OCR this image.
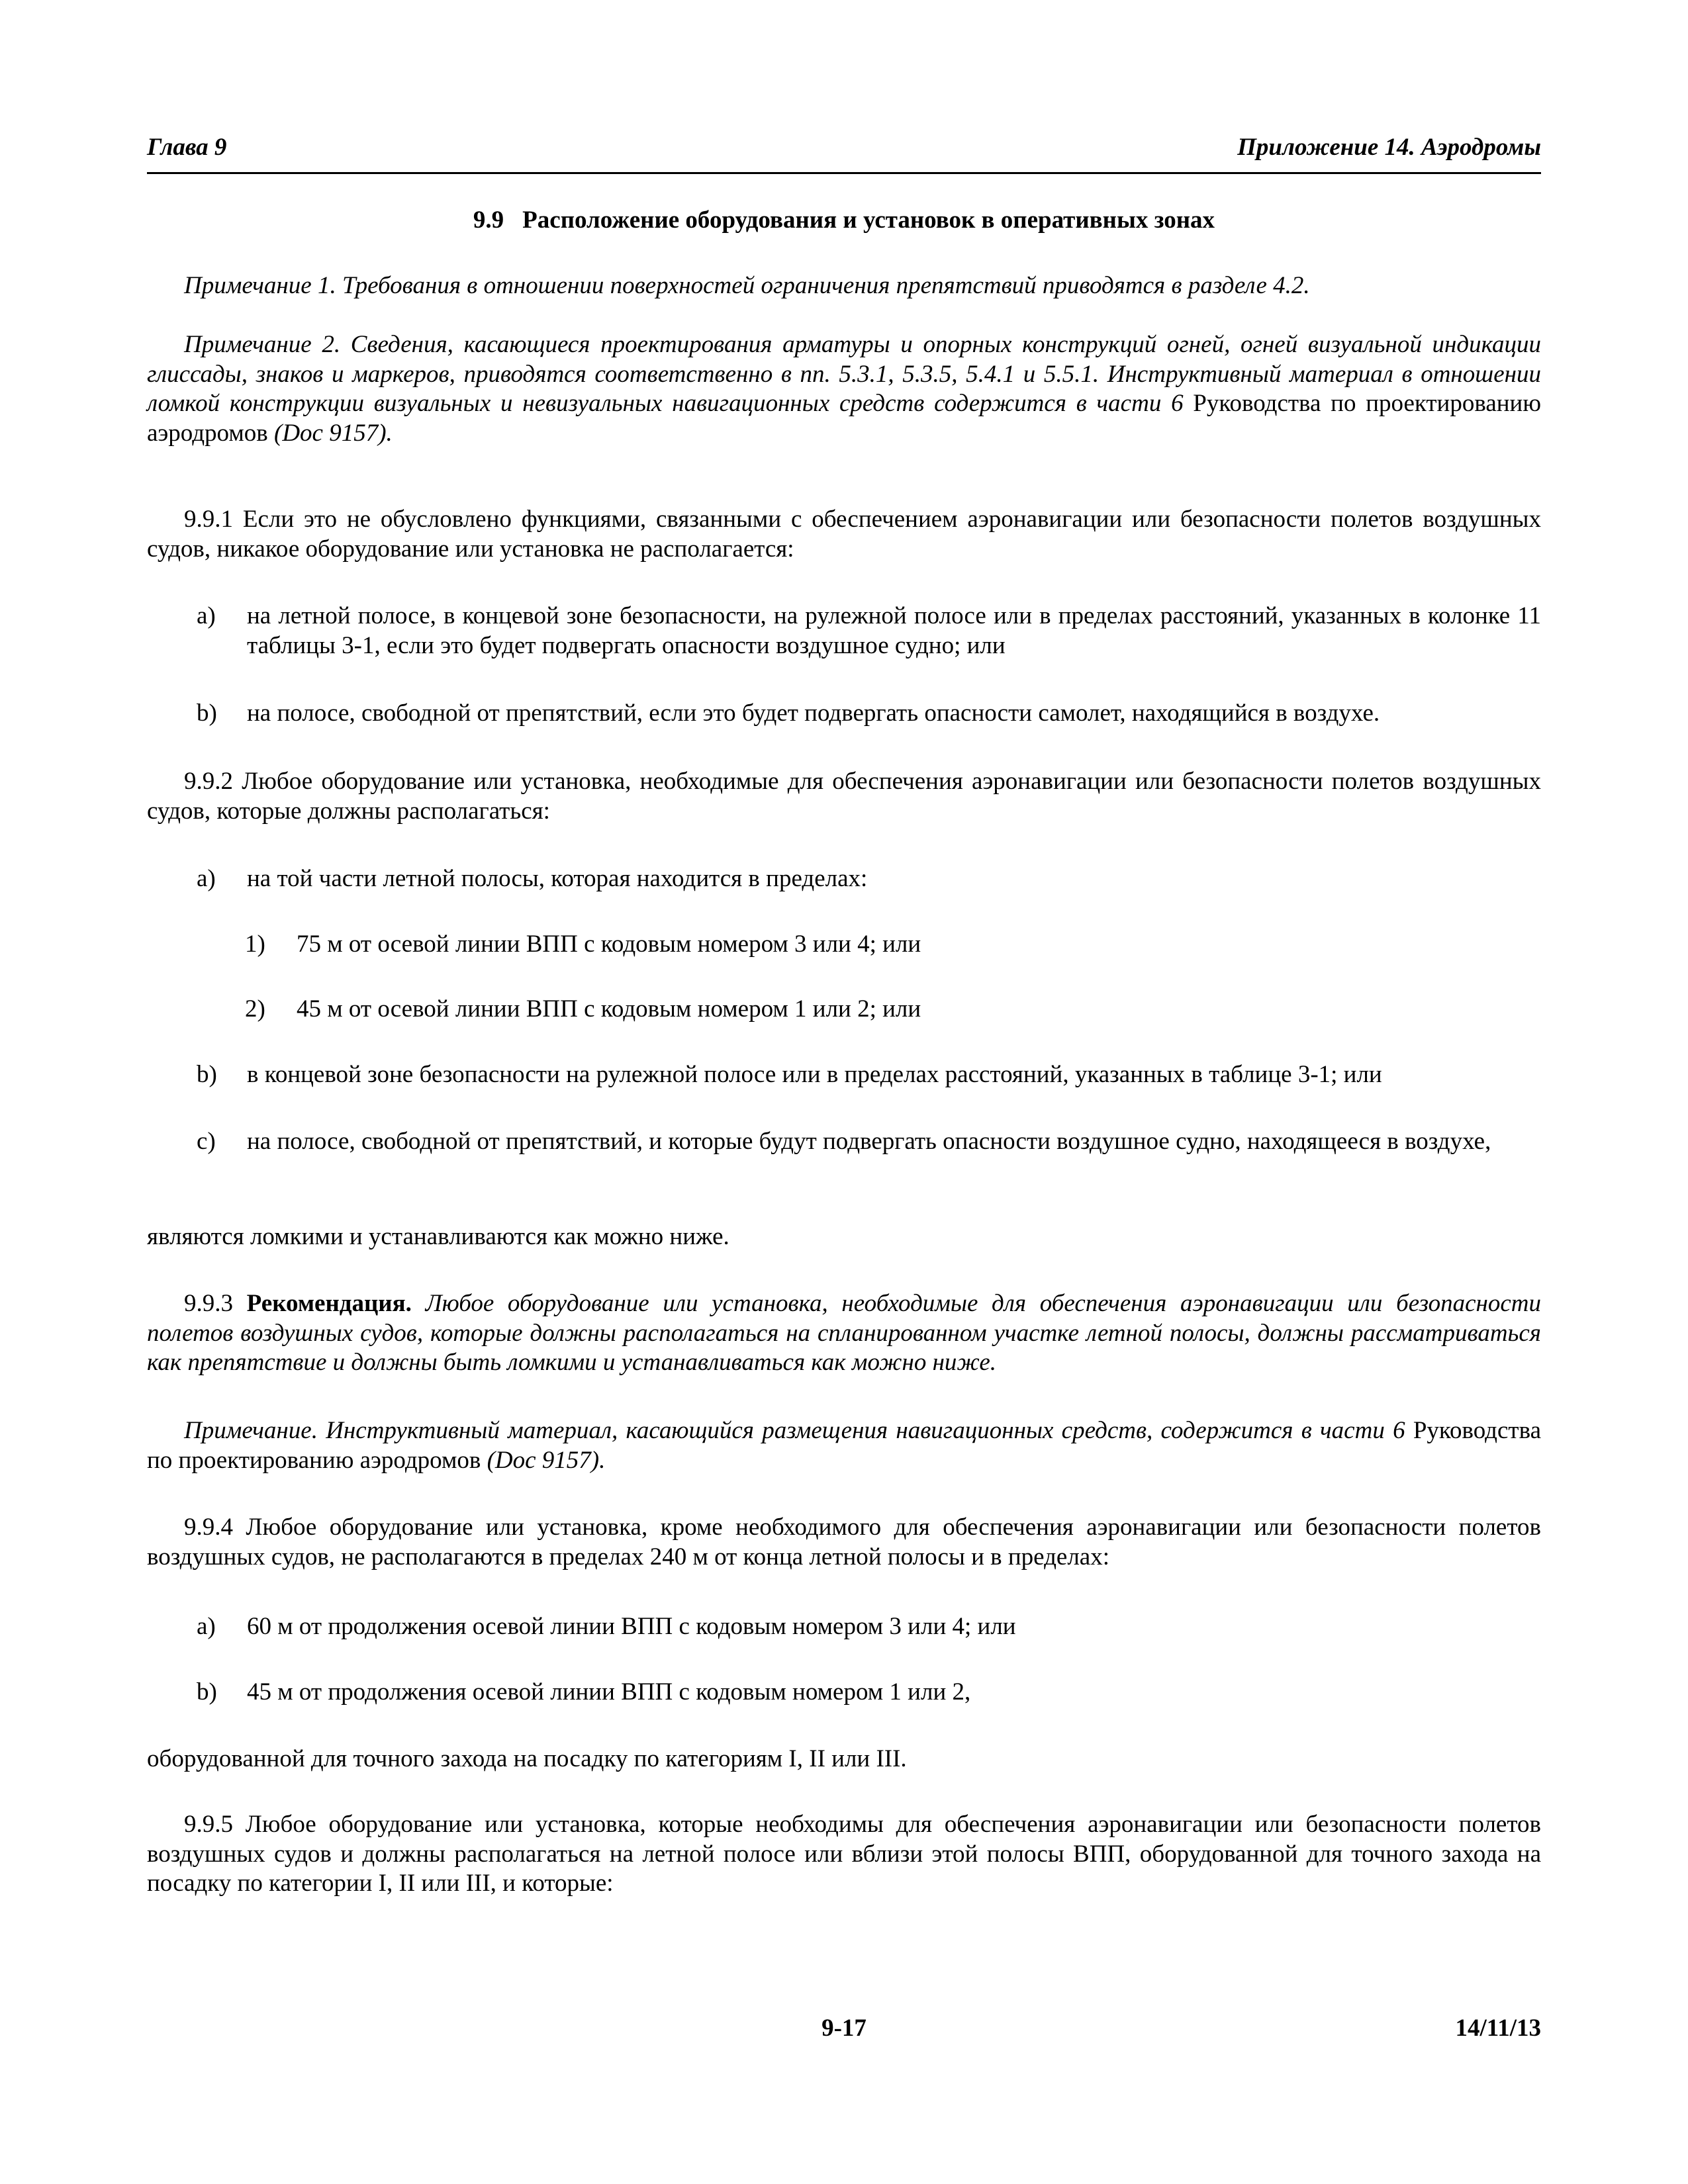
Глава 9	Приложение 14. Аэродромы
9.9 Расположение оборудования и установок в оперативных зонах
Примечание 1. Требования в отношении поверхностей ограничения препятствий приводятся в разделе 4.2.
Примечание 2. Сведения, касающиеся проектирования арматуры и опорных конструкций огней, огней визуальной индикации глиссады, знаков и маркеров, приводятся соответственно в пп. 5.3.1, 5.3.5, 5.4.1 и 5.5.1. Инструктивный материал в отношении ломкой конструкции визуальных и невизуальных навигационных средств содержится в части 6 Руководства по проектированию аэродромов (Doc 9157).
9.9.1 Если это не обусловлено функциями, связанными с обеспечением аэронавигации или безопасности полетов воздушных судов, никакое оборудование или установка не располагается:
a) на летной полосе, в концевой зоне безопасности, на рулежной полосе или в пределах расстояний, указанных в колонке 11 таблицы 3-1, если это будет подвергать опасности воздушное судно; или
b) на полосе, свободной от препятствий, если это будет подвергать опасности самолет, находящийся в воздухе.
9.9.2 Любое оборудование или установка, необходимые для обеспечения аэронавигации или безопасности полетов воздушных судов, которые должны располагаться:
a) на той части летной полосы, которая находится в пределах:
1) 75 м от осевой линии ВПП с кодовым номером 3 или 4; или
2) 45 м от осевой линии ВПП с кодовым номером 1 или 2; или
b) в концевой зоне безопасности на рулежной полосе или в пределах расстояний, указанных в таблице 3-1; или
c) на полосе, свободной от препятствий, и которые будут подвергать опасности воздушное судно, находящееся в воздухе,
являются ломкими и устанавливаются как можно ниже.
9.9.3 Рекомендация. Любое оборудование или установка, необходимые для обеспечения аэронавигации или безопасности полетов воздушных судов, которые должны располагаться на спланированном участке летной полосы, должны рассматриваться как препятствие и должны быть ломкими и устанавливаться как можно ниже.
Примечание. Инструктивный материал, касающийся размещения навигационных средств, содержится в части 6 Руководства по проектированию аэродромов (Doc 9157).
9.9.4 Любое оборудование или установка, кроме необходимого для обеспечения аэронавигации или безопасности полетов воздушных судов, не располагаются в пределах 240 м от конца летной полосы и в пределах:
a) 60 м от продолжения осевой линии ВПП с кодовым номером 3 или 4; или
b) 45 м от продолжения осевой линии ВПП с кодовым номером 1 или 2,
оборудованной для точного захода на посадку по категориям I, II или III.
9.9.5 Любое оборудование или установка, которые необходимы для обеспечения аэронавигации или безопасности полетов воздушных судов и должны располагаться на летной полосе или вблизи этой полосы ВПП, оборудованной для точного захода на посадку по категории I, II или III, и которые:
9-17	14/11/13
